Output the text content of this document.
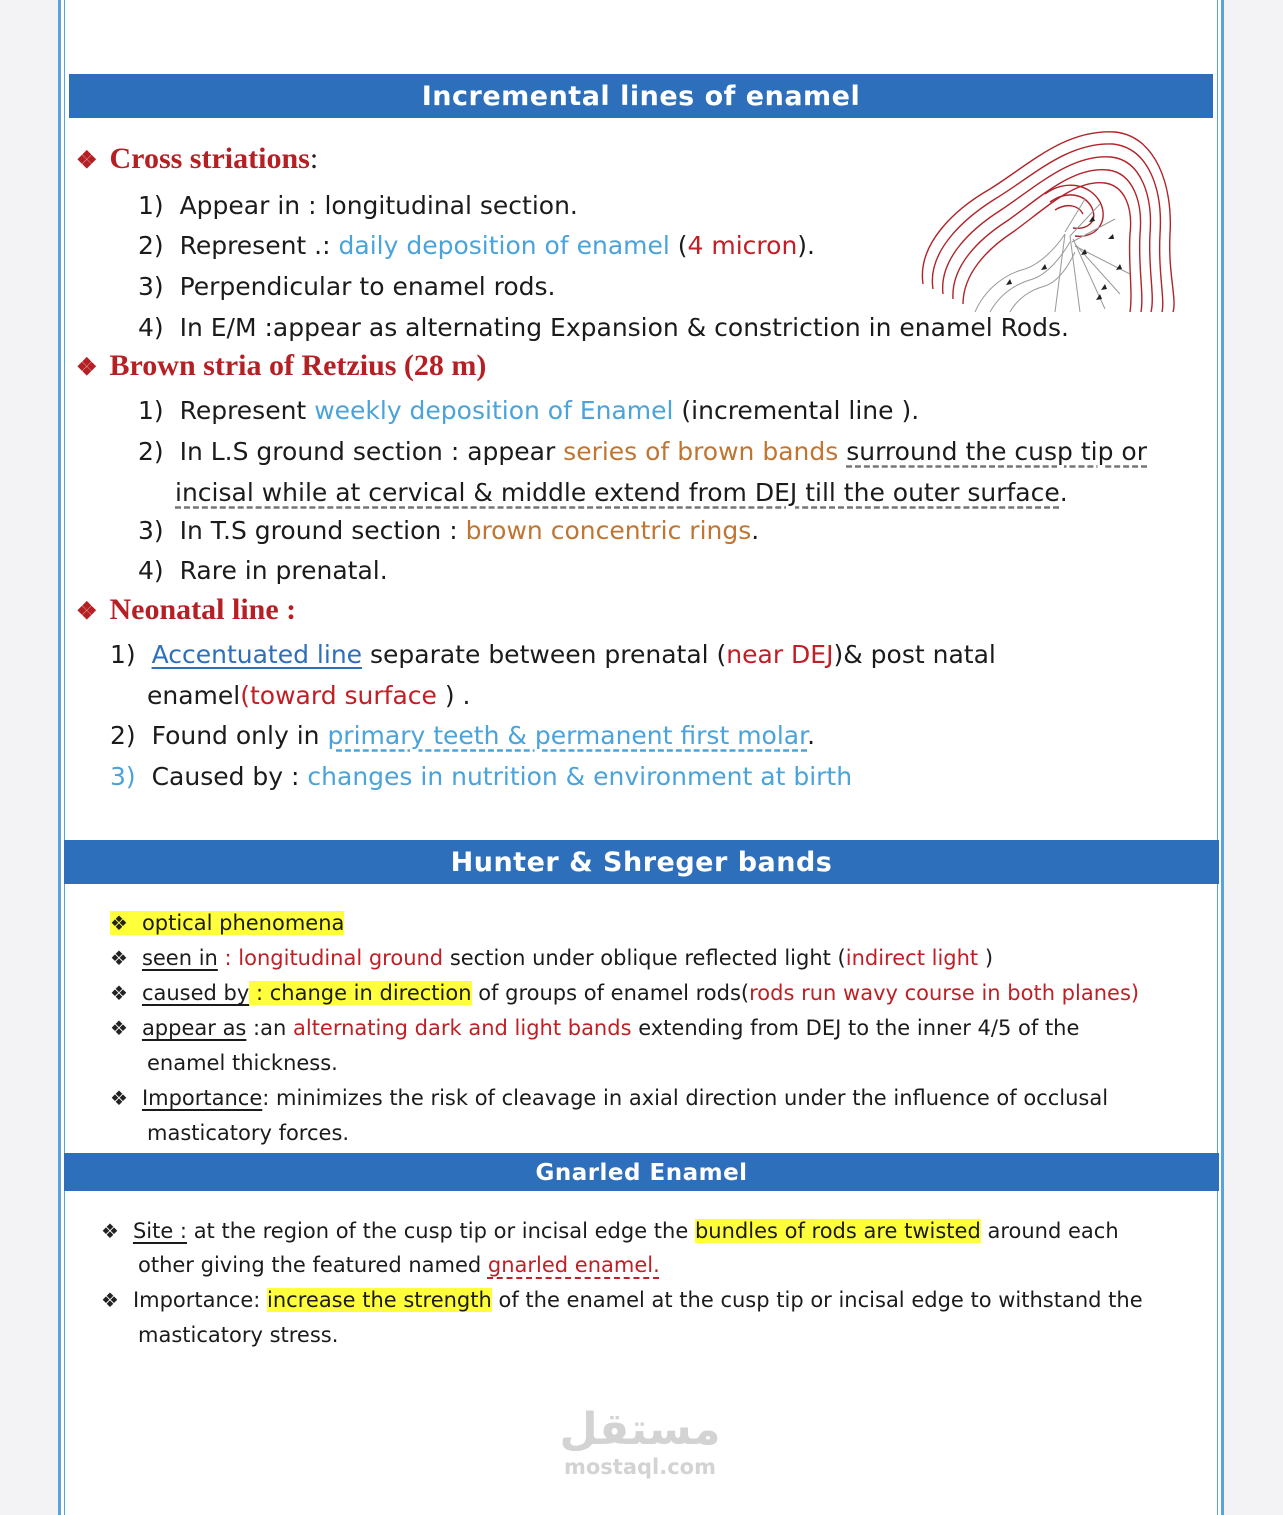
Incremental lines of enamel
❖ Cross striations:
1) Appear in : longitudinal section.
2) Represent .: daily deposition of enamel (4 micron).
3) Perpendicular to enamel rods.
4) In E/M :appear as alternating Expansion & constriction in enamel Rods.
❖ Brown stria of Retzius (28 m)
1) Represent weekly deposition of Enamel (incremental line ).
2) In L.S ground section : appear series of brown bands surround the cusp tip or
incisal while at cervical & middle extend from DEJ till the outer surface.
3) In T.S ground section : brown concentric rings.
4) Rare in prenatal.
❖ Neonatal line :
1) Accentuated line separate between prenatal (near DEJ)& post natal
enamel(toward surface ) .
2) Found only in primary teeth & permanent first molar.
3) Caused by : changes in nutrition & environment at birth
Hunter & Shreger bands
❖ optical phenomena
❖ seen in : longitudinal ground section under oblique reflected light (indirect light )
❖ caused by : change in direction of groups of enamel rods(rods run wavy course in both planes)
❖ appear as :an alternating dark and light bands extending from DEJ to the inner 4/5 of the
enamel thickness.
❖ Importance: minimizes the risk of cleavage in axial direction under the influence of occlusal
masticatory forces.
Gnarled Enamel
❖ Site : at the region of the cusp tip or incisal edge the bundles of rods are twisted around each
other giving the featured named gnarled enamel.
❖ Importance: increase the strength of the enamel at the cusp tip or incisal edge to withstand the
masticatory stress.
مستقل
mostaql.com
